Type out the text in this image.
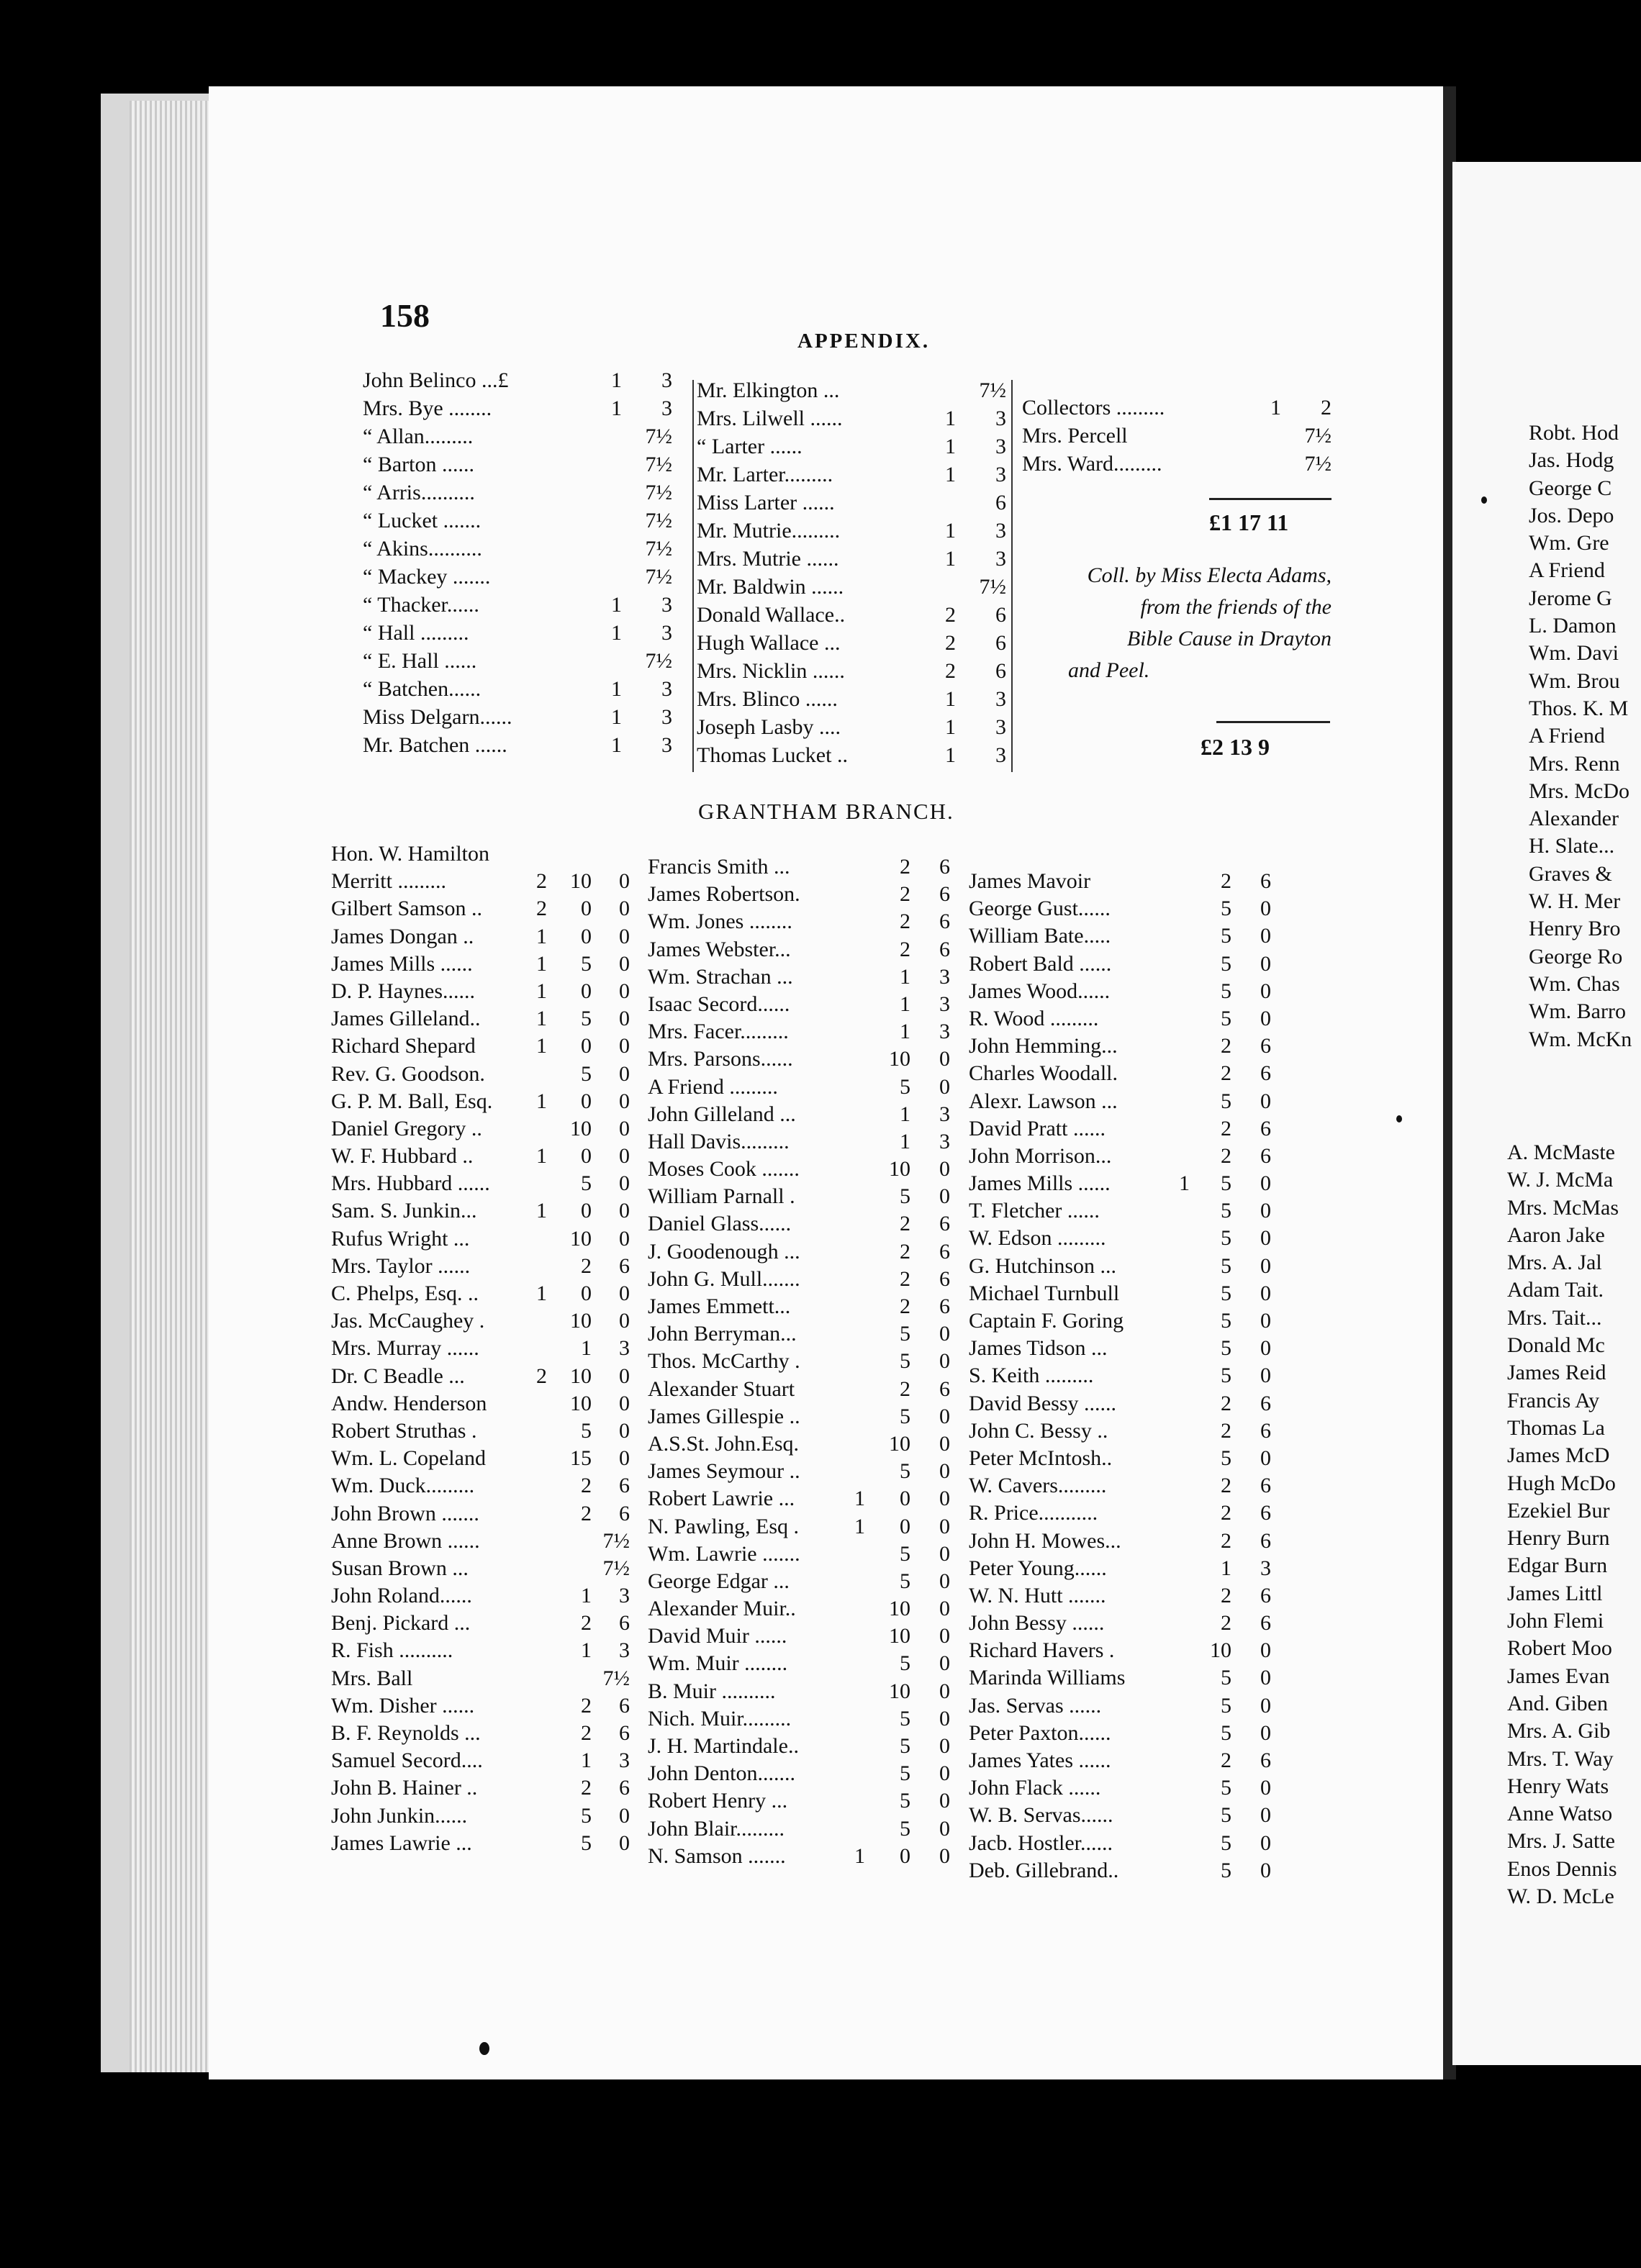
158
APPENDIX.
John Belinco ...£	1	3
Mrs. Bye ........	1	3
“ Allan.........	7½
“ Barton ......	7½
“ Arris..........	7½
“ Lucket .......	7½
“ Akins..........	7½
“ Mackey .......	7½
“ Thacker......	1	3
“ Hall .........	1	3
“ E. Hall ......	7½
“ Batchen......	1	3
Miss Delgarn......	1	3
Mr. Batchen ......	1	3
Mr. Elkington ...	7½
Mrs. Lilwell ......	1	3
“ Larter ......	1	3
Mr. Larter.........	1	3
Miss Larter ......	6
Mr. Mutrie.........	1	3
Mrs. Mutrie ......	1	3
Mr. Baldwin ......	7½
Donald Wallace..	2	6
Hugh Wallace ...	2	6
Mrs. Nicklin ......	2	6
Mrs. Blinco ......	1	3
Joseph Lasby ....	1	3
Thomas Lucket ..	1	3
Collectors .........	1	2
Mrs. Percell	7½
Mrs. Ward.........	7½
£1 17 11
Coll. by Miss Electa Adams,
from the friends of the
Bible Cause in Drayton
and Peel.
£2 13 9
GRANTHAM BRANCH.
Hon. W. Hamilton
Merritt .........	2	10	0
Gilbert Samson ..	2	0	0
James Dongan ..	1	0	0
James Mills ......	1	5	0
D. P. Haynes......	1	0	0
James Gilleland..	1	5	0
Richard Shepard	1	0	0
Rev. G. Goodson.	5	0
G. P. M. Ball, Esq.	1	0	0
Daniel Gregory ..	10	0
W. F. Hubbard ..	1	0	0
Mrs. Hubbard ......	5	0
Sam. S. Junkin...	1	0	0
Rufus Wright ...	10	0
Mrs. Taylor ......	2	6
C. Phelps, Esq. ..	1	0	0
Jas. McCaughey .	10	0
Mrs. Murray ......	1	3
Dr. C Beadle ...	2	10	0
Andw. Henderson	10	0
Robert Struthas .	5	0
Wm. L. Copeland	15	0
Wm. Duck.........	2	6
John Brown .......	2	6
Anne Brown ......	7½
Susan Brown ...	7½
John Roland......	1	3
Benj. Pickard ...	2	6
R. Fish ..........	1	3
Mrs. Ball	7½
Wm. Disher ......	2	6
B. F. Reynolds ...	2	6
Samuel Secord....	1	3
John B. Hainer ..	2	6
John Junkin......	5	0
James Lawrie ...	5	0
Francis Smith ...	2	6
James Robertson.	2	6
Wm. Jones ........	2	6
James Webster...	2	6
Wm. Strachan ...	1	3
Isaac Secord......	1	3
Mrs. Facer.........	1	3
Mrs. Parsons......	10	0
A Friend .........	5	0
John Gilleland ...	1	3
Hall Davis.........	1	3
Moses Cook .......	10	0
William Parnall .	5	0
Daniel Glass......	2	6
J. Goodenough ...	2	6
John G. Mull.......	2	6
James Emmett...	2	6
John Berryman...	5	0
Thos. McCarthy .	5	0
Alexander Stuart	2	6
James Gillespie ..	5	0
A.S.St. John.Esq.	10	0
James Seymour ..	5	0
Robert Lawrie ...	1	0	0
N. Pawling, Esq .	1	0	0
Wm. Lawrie .......	5	0
George Edgar ...	5	0
Alexander Muir..	10	0
David Muir ......	10	0
Wm. Muir ........	5	0
B. Muir ..........	10	0
Nich. Muir.........	5	0
J. H. Martindale..	5	0
John Denton.......	5	0
Robert Henry ...	5	0
John Blair.........	5	0
N. Samson .......	1	0	0
James Mavoir	2	6
George Gust......	5	0
William Bate.....	5	0
Robert Bald ......	5	0
James Wood......	5	0
R. Wood .........	5	0
John Hemming...	2	6
Charles Woodall.	2	6
Alexr. Lawson ...	5	0
David Pratt ......	2	6
John Morrison...	2	6
James Mills ......	1	5	0
T. Fletcher ......	5	0
W. Edson .........	5	0
G. Hutchinson ...	5	0
Michael Turnbull	5	0
Captain F. Goring	5	0
James Tidson ...	5	0
S. Keith .........	5	0
David Bessy ......	2	6
John C. Bessy ..	2	6
Peter McIntosh..	5	0
W. Cavers.........	2	6
R. Price...........	2	6
John H. Mowes...	2	6
Peter Young......	1	3
W. N. Hutt .......	2	6
John Bessy ......	2	6
Richard Havers .	10	0
Marinda Williams	5	0
Jas. Servas ......	5	0
Peter Paxton......	5	0
James Yates ......	2	6
John Flack ......	5	0
W. B. Servas......	5	0
Jacb. Hostler......	5	0
Deb. Gillebrand..	5	0
Robt. Hod
Jas. Hodg
George C
Jos. Depo
Wm. Gre
A Friend
Jerome G
L. Damon
Wm. Davi
Wm. Brou
Thos. K. M
A Friend
Mrs. Renn
Mrs. McDo
Alexander
H. Slate...
Graves &
W. H. Mer
Henry Bro
George Ro
Wm. Chas
Wm. Barro
Wm. McKn
A. McMaste
W. J. McMa
Mrs. McMas
Aaron Jake
Mrs. A. Jal
Adam Tait.
Mrs. Tait...
Donald Mc
James Reid
Francis Ay
Thomas La
James McD
Hugh McDo
Ezekiel Bur
Henry Burn
Edgar Burn
James Littl
John Flemi
Robert Moo
James Evan
And. Giben
Mrs. A. Gib
Mrs. T. Way
Henry Wats
Anne Watso
Mrs. J. Satte
Enos Dennis
W. D. McLe
